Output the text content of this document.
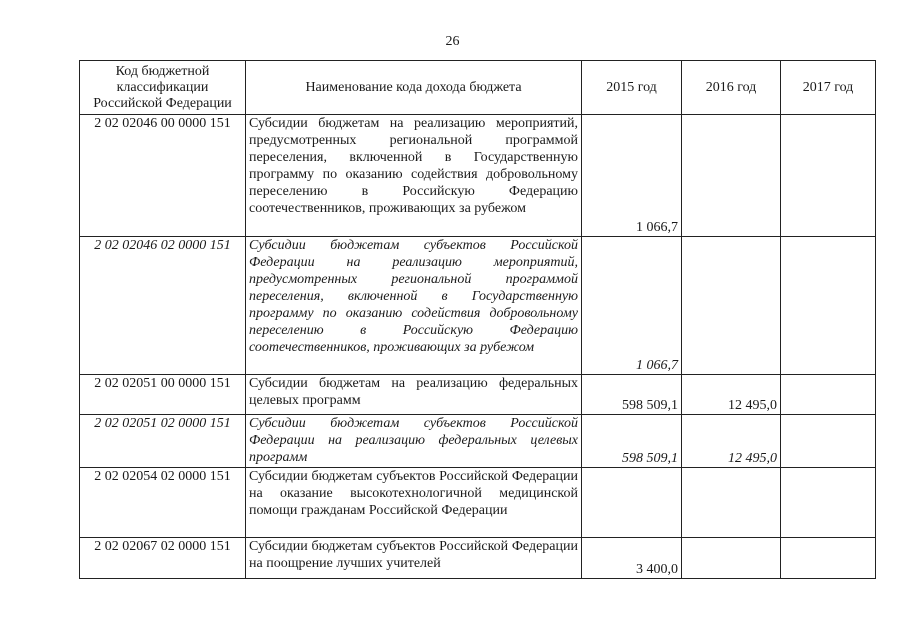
26
Код бюджетной классификации Российской Федерации	Наименование кода дохода бюджета	2015 год	2016 год	2017 год
2 02 02046 00 0000 151	Субсидии бюджетам на реализацию мероприятий, предусмотренных региональной программой переселения, включенной в Государственную программу по оказанию содействия добровольному переселению в Российскую Федерацию соотечественников, проживающих за рубежом	1 066,7		
2 02 02046 02 0000 151	Субсидии бюджетам субъектов Российской Федерации на реализацию мероприятий, предусмотренных региональной программой переселения, включенной в Государственную программу по оказанию содействия добровольному переселению в Российскую Федерацию соотечественников, проживающих за рубежом	1 066,7		
2 02 02051 00 0000 151	Субсидии бюджетам на реализацию федеральных целевых программ	598 509,1	12 495,0	
2 02 02051 02 0000 151	Субсидии бюджетам субъектов Российской Федерации на реализацию федеральных целевых программ	598 509,1	12 495,0	
2 02 02054 02 0000 151	Субсидии бюджетам субъектов Российской Федерации на оказание высокотехнологичной медицинской помощи гражданам Российской Федерации			
2 02 02067 02 0000 151	Субсидии бюджетам субъектов Российской Федерации на поощрение лучших учителей	3 400,0		
